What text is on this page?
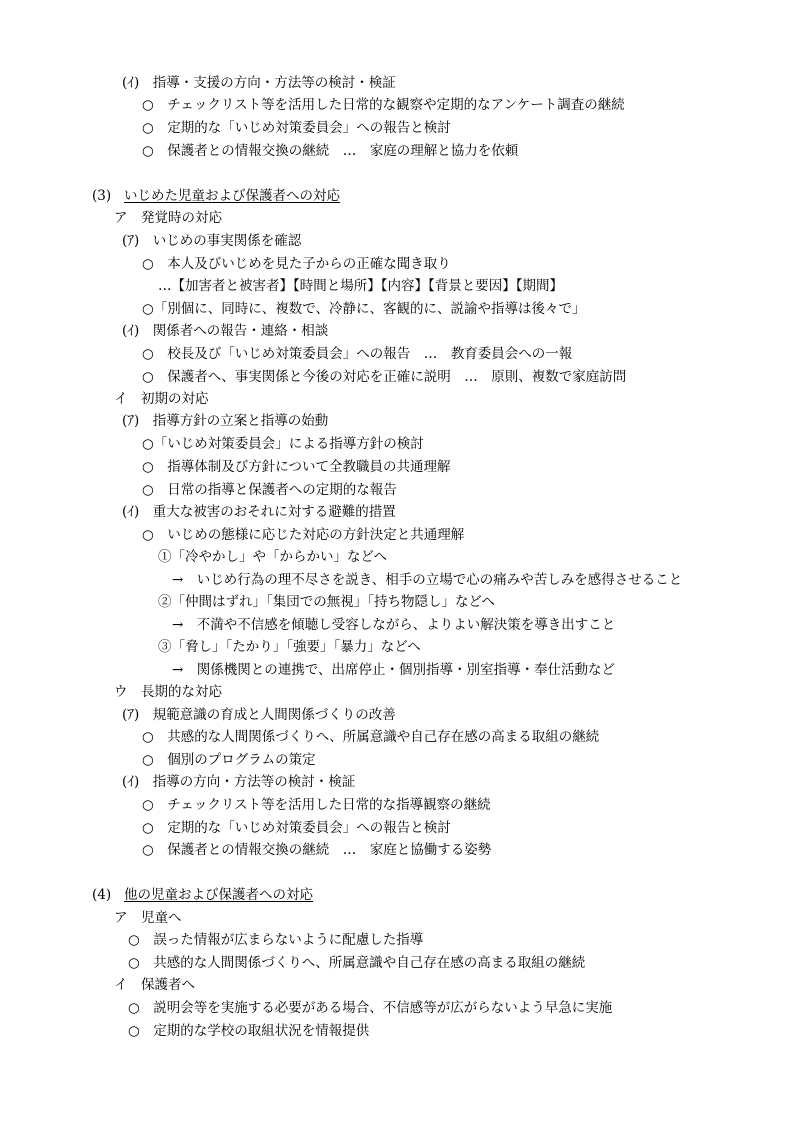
(ｲ)　指導・支援の方向・方法等の検討・検証
○　チェックリスト等を活用した日常的な観察や定期的なアンケート調査の継続
○　定期的な「いじめ対策委員会」への報告と検討
○　保護者との情報交換の継続　…　家庭の理解と協力を依頼
(3) いじめた児童および保護者への対応
ア　発覚時の対応
(ｱ)　いじめの事実関係を確認
○　本人及びいじめを見た子からの正確な聞き取り
…【加害者と被害者】【時間と場所】【内容】【背景と要因】【期間】
○「別個に、同時に、複数で、冷静に、客観的に、説諭や指導は後々で」
(ｲ)　関係者への報告・連絡・相談
○　校長及び「いじめ対策委員会」への報告　…　教育委員会への一報
○　保護者へ、事実関係と今後の対応を正確に説明　…　原則、複数で家庭訪問
イ　初期の対応
(ｱ)　指導方針の立案と指導の始動
○「いじめ対策委員会」による指導方針の検討
○　指導体制及び方針について全教職員の共通理解
○　日常の指導と保護者への定期的な報告
(ｲ)　重大な被害のおそれに対する避難的措置
○　いじめの態様に応じた対応の方針決定と共通理解
①「冷やかし」や「からかい」などへ
→　いじめ行為の理不尽さを説き、相手の立場で心の痛みや苦しみを感得させること
②「仲間はずれ」「集団での無視」「持ち物隠し」などへ
→　不満や不信感を傾聴し受容しながら、よりよい解決策を導き出すこと
③「脅し」「たかり」「強要」「暴力」などへ
→　関係機関との連携で、出席停止・個別指導・別室指導・奉仕活動など
ウ　長期的な対応
(ｱ)　規範意識の育成と人間関係づくりの改善
○　共感的な人間関係づくりへ、所属意識や自己存在感の高まる取組の継続
○　個別のプログラムの策定
(ｲ)　指導の方向・方法等の検討・検証
○　チェックリスト等を活用した日常的な指導観察の継続
○　定期的な「いじめ対策委員会」への報告と検討
○　保護者との情報交換の継続　…　家庭と協働する姿勢
(4) 他の児童および保護者への対応
ア　児童へ
○　誤った情報が広まらないように配慮した指導
○　共感的な人間関係づくりへ、所属意識や自己存在感の高まる取組の継続
イ　保護者へ
○　説明会等を実施する必要がある場合、不信感等が広がらないよう早急に実施
○　定期的な学校の取組状況を情報提供
